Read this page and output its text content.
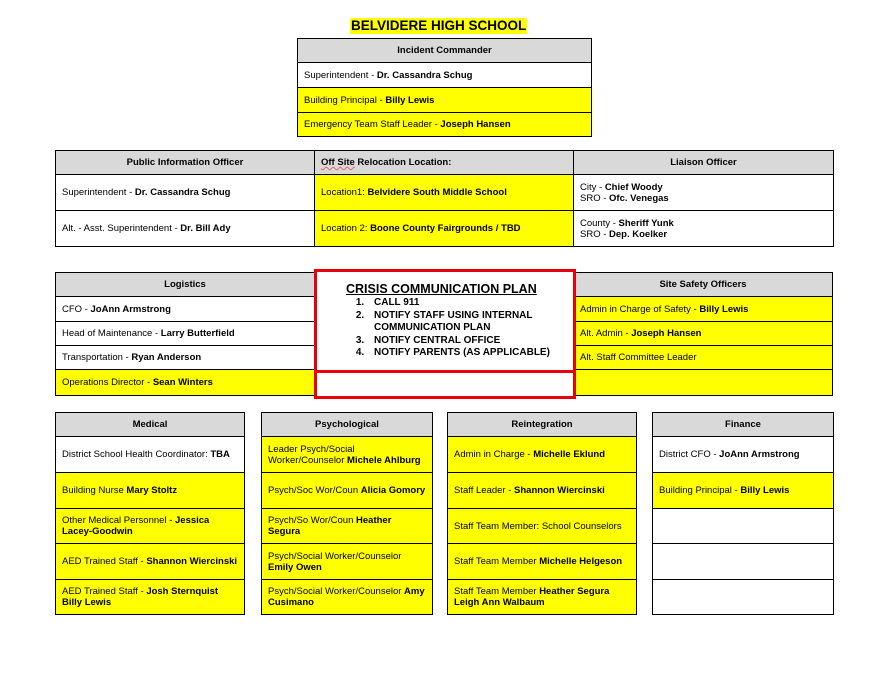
BELVIDERE HIGH SCHOOL
Incident Commander
Superintendent - Dr. Cassandra Schug
Building Principal - Billy Lewis
Emergency Team Staff Leader - Joseph Hansen
Public Information Officer	Off Site Relocation Location:	Liaison Officer
Superintendent - Dr. Cassandra Schug	Location1: Belvidere South Middle School	City - Chief Woody
SRO - Ofc. Venegas
Alt. - Asst. Superintendent - Dr. Bill Ady	Location 2: Boone County Fairgrounds / TBD	County - Sheriff Yunk
SRO - Dep. Koelker
Logistics
CFO - JoAnn Armstrong
Head of Maintenance - Larry Butterfield
Transportation - Ryan Anderson
Operations Director - Sean Winters
Site Safety Officers
Admin in Charge of Safety - Billy Lewis
Alt. Admin - Joseph Hansen
Alt. Staff Committee Leader

CRISIS COMMUNICATION PLAN
1. CALL 911
2. NOTIFY STAFF USING INTERNAL COMMUNICATION PLAN
3. NOTIFY CENTRAL OFFICE
4. NOTIFY PARENTS (AS APPLICABLE)
Medical
District School Health Coordinator: TBA
Building Nurse Mary Stoltz
Other Medical Personnel - Jessica Lacey-Goodwin
AED Trained Staff - Shannon Wiercinski
AED Trained Staff - Josh Sternquist Billy Lewis
Psychological
Leader Psych/Social Worker/Counselor Michele Ahlburg
Psych/Soc Wor/Coun Alicia Gomory
Psych/So Wor/Coun Heather Segura
Psych/Social Worker/Counselor Emily Owen
Psych/Social Worker/Counselor Amy Cusimano
Reintegration
Admin in Charge - Michelle Eklund
Staff Leader - Shannon Wiercinski
Staff Team Member: School Counselors
Staff Team Member Michelle Helgeson
Staff Team Member Heather Segura Leigh Ann Walbaum
Finance
District CFO - JoAnn Armstrong
Building Principal - Billy Lewis
